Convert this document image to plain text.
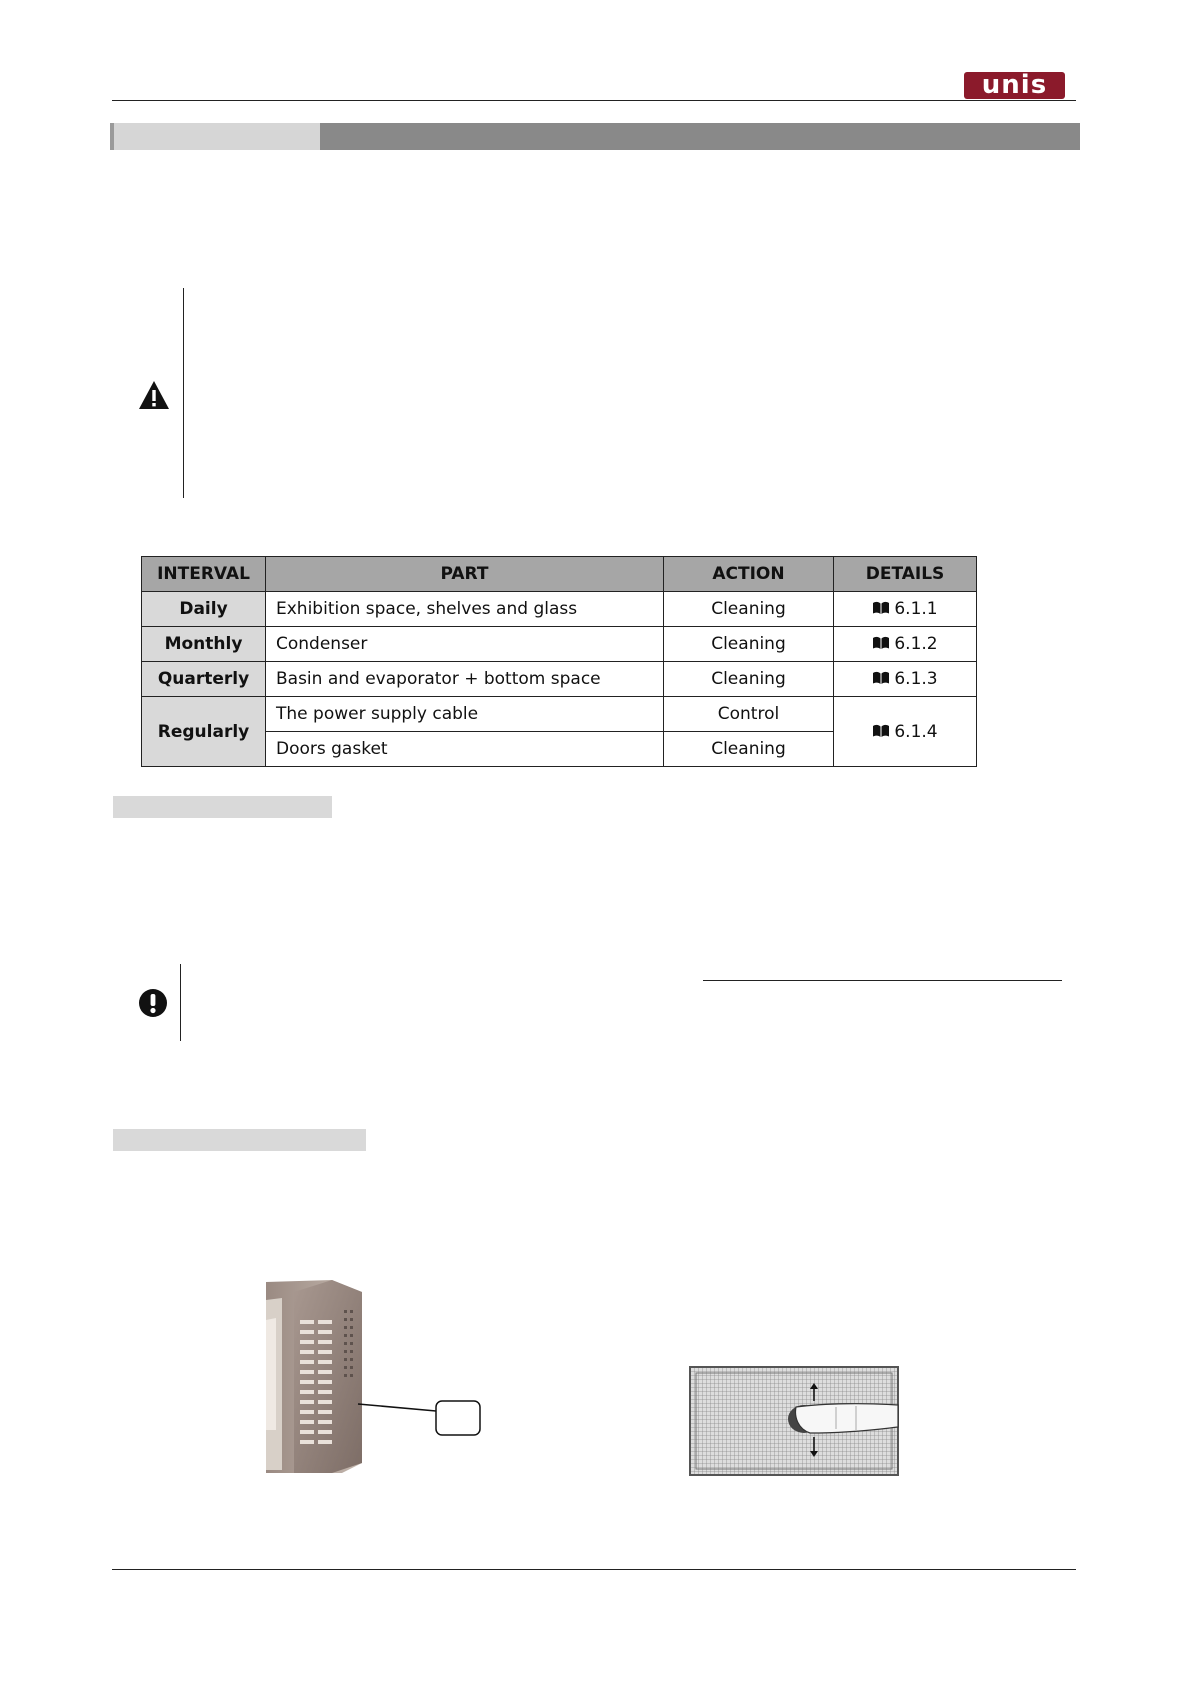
unis
INTERVAL	PART	ACTION	DETAILS
Daily	Exhibition space, shelves and glass	Cleaning	6.1.1
Monthly	Condenser	Cleaning	6.1.2
Quarterly	Basin and evaporator + bottom space	Cleaning	6.1.3
Regularly	The power supply cable	Control	6.1.4
	Doors gasket	Cleaning	
